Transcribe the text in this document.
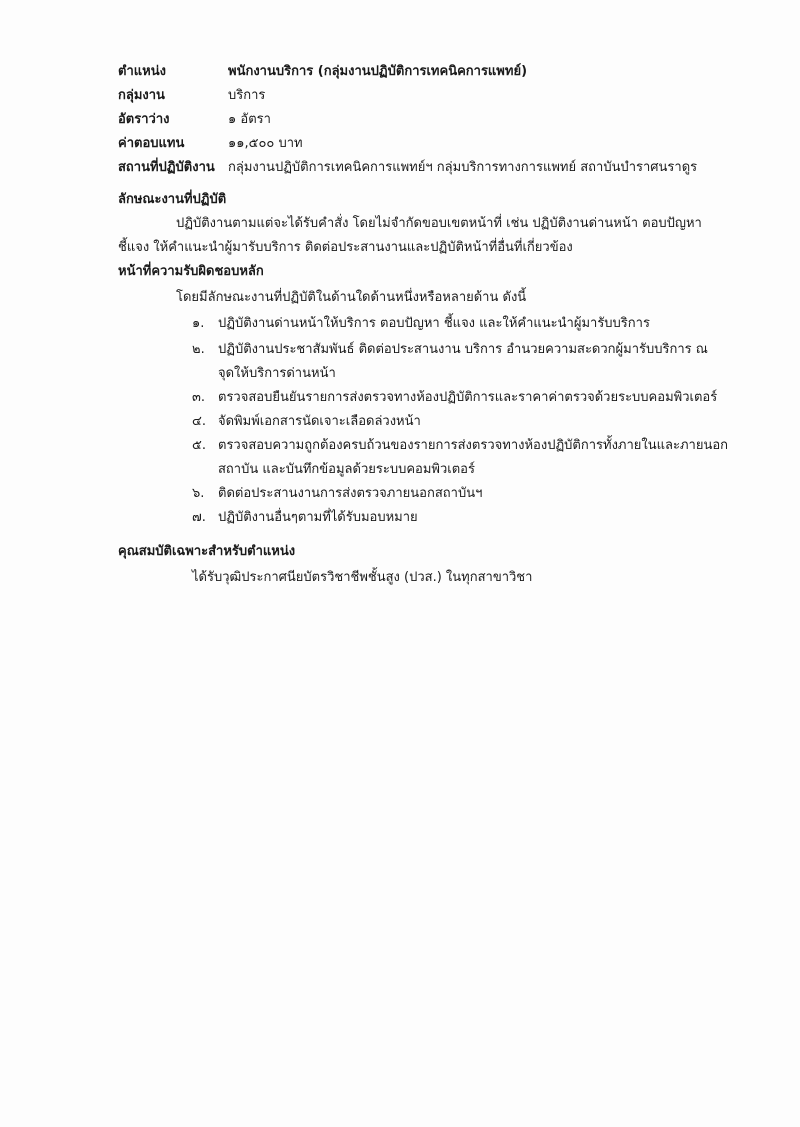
ตำแหน่ง	พนักงานบริการ (กลุ่มงานปฏิบัติการเทคนิคการแพทย์)
กลุ่มงาน	บริการ
อัตราว่าง	๑ อัตรา
ค่าตอบแทน	๑๑,๕๐๐ บาท
สถานที่ปฏิบัติงาน กลุ่มงานปฏิบัติการเทคนิคการแพทย์ฯ กลุ่มบริการทางการแพทย์ สถาบันบำราศนราดูร
ลักษณะงานที่ปฏิบัติ
ปฏิบัติงานตามแต่จะได้รับคำสั่ง โดยไม่จำกัดขอบเขตหน้าที่ เช่น ปฏิบัติงานด่านหน้า ตอบปัญหา
ชี้แจง ให้คำแนะนำผู้มารับบริการ ติดต่อประสานงานและปฏิบัติหน้าที่อื่นที่เกี่ยวข้อง
หน้าที่ความรับผิดชอบหลัก
โดยมีลักษณะงานที่ปฏิบัติในด้านใดด้านหนึ่งหรือหลายด้าน ดังนี้
๑. ปฏิบัติงานด่านหน้าให้บริการ ตอบปัญหา ชี้แจง และให้คำแนะนำผู้มารับบริการ
๒. ปฏิบัติงานประชาสัมพันธ์ ติดต่อประสานงาน บริการ อำนวยความสะดวกผู้มารับบริการ ณ
จุดให้บริการด่านหน้า
๓. ตรวจสอบยืนยันรายการส่งตรวจทางห้องปฏิบัติการและราคาค่าตรวจด้วยระบบคอมพิวเตอร์
๔. จัดพิมพ์เอกสารนัดเจาะเลือดล่วงหน้า
๕. ตรวจสอบความถูกต้องครบถ้วนของรายการส่งตรวจทางห้องปฏิบัติการทั้งภายในและภายนอก
สถาบัน และบันทึกข้อมูลด้วยระบบคอมพิวเตอร์
๖. ติดต่อประสานงานการส่งตรวจภายนอกสถาบันฯ
๗. ปฏิบัติงานอื่นๆตามที่ได้รับมอบหมาย
คุณสมบัติเฉพาะสำหรับตำแหน่ง
ได้รับวุฒิประกาศนียบัตรวิชาชีพชั้นสูง (ปวส.) ในทุกสาขาวิชา
